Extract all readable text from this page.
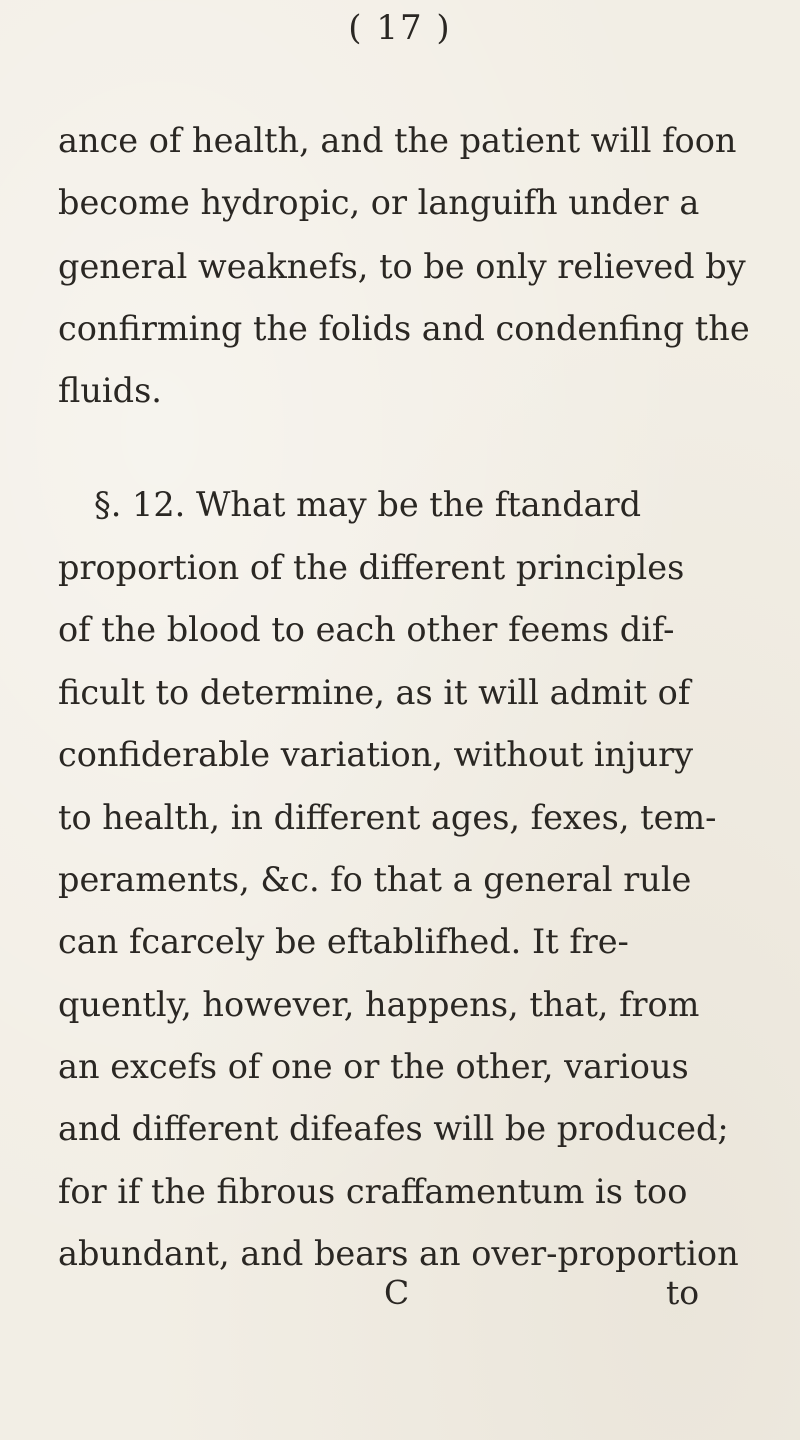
( 17 )
ance of health, and the patient will foon
become hydropic, or languifh under a
general weaknefs, to be only relieved by
confirming the folids and condenfing the
fluids.
§. 12. What may be the ftandard
proportion of the different principles
of the blood to each other feems dif-
ficult to determine, as it will admit of
confiderable variation, without injury
to health, in different ages, fexes, tem-
peraments, &c. fo that a general rule
can fcarcely be eftablifhed. It fre-
quently, however, happens, that, from
an excefs of one or the other, various
and different difeafes will be produced;
for if the fibrous craffamentum is too
abundant, and bears an over-proportion
C	to
